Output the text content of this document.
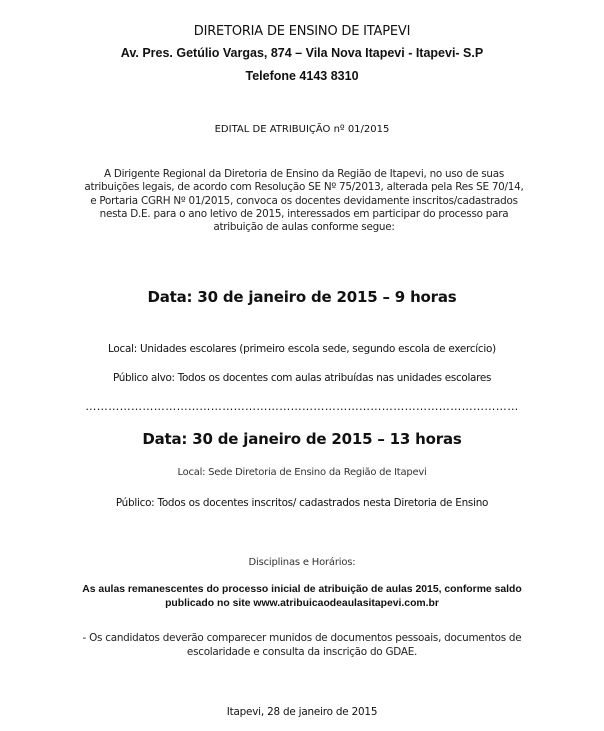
DIRETORIA DE ENSINO DE ITAPEVI
Av. Pres. Getúlio Vargas, 874 – Vila Nova Itapevi - Itapevi- S.P
Telefone 4143 8310
EDITAL DE ATRIBUIÇÃO nº 01/2015
A Dirigente Regional da Diretoria de Ensino da Região de Itapevi, no uso de suas atribuições legais, de acordo com Resolução SE Nº 75/2013, alterada pela Res SE 70/14, e Portaria CGRH Nº 01/2015, convoca os docentes devidamente inscritos/cadastrados nesta D.E. para o ano letivo de 2015, interessados em participar do processo para atribuição de aulas conforme segue:
Data: 30 de janeiro de 2015 – 9 horas
Local: Unidades escolares (primeiro escola sede, segundo escola de exercício)
Público alvo: Todos os docentes com aulas atribuídas nas unidades escolares
……………………………………………………………………………………………………
Data: 30 de janeiro de 2015 – 13 horas
Local: Sede Diretoria de Ensino da Região de Itapevi
Público: Todos os docentes inscritos/ cadastrados nesta Diretoria de Ensino
Disciplinas e Horários:
As aulas remanescentes do processo inicial de atribuição de aulas 2015, conforme saldo publicado no site www.atribuicaodeaulasitapevi.com.br
- Os candidatos deverão comparecer munidos de documentos pessoais, documentos de escolaridade e consulta da inscrição do GDAE.
Itapevi, 28 de janeiro de 2015
